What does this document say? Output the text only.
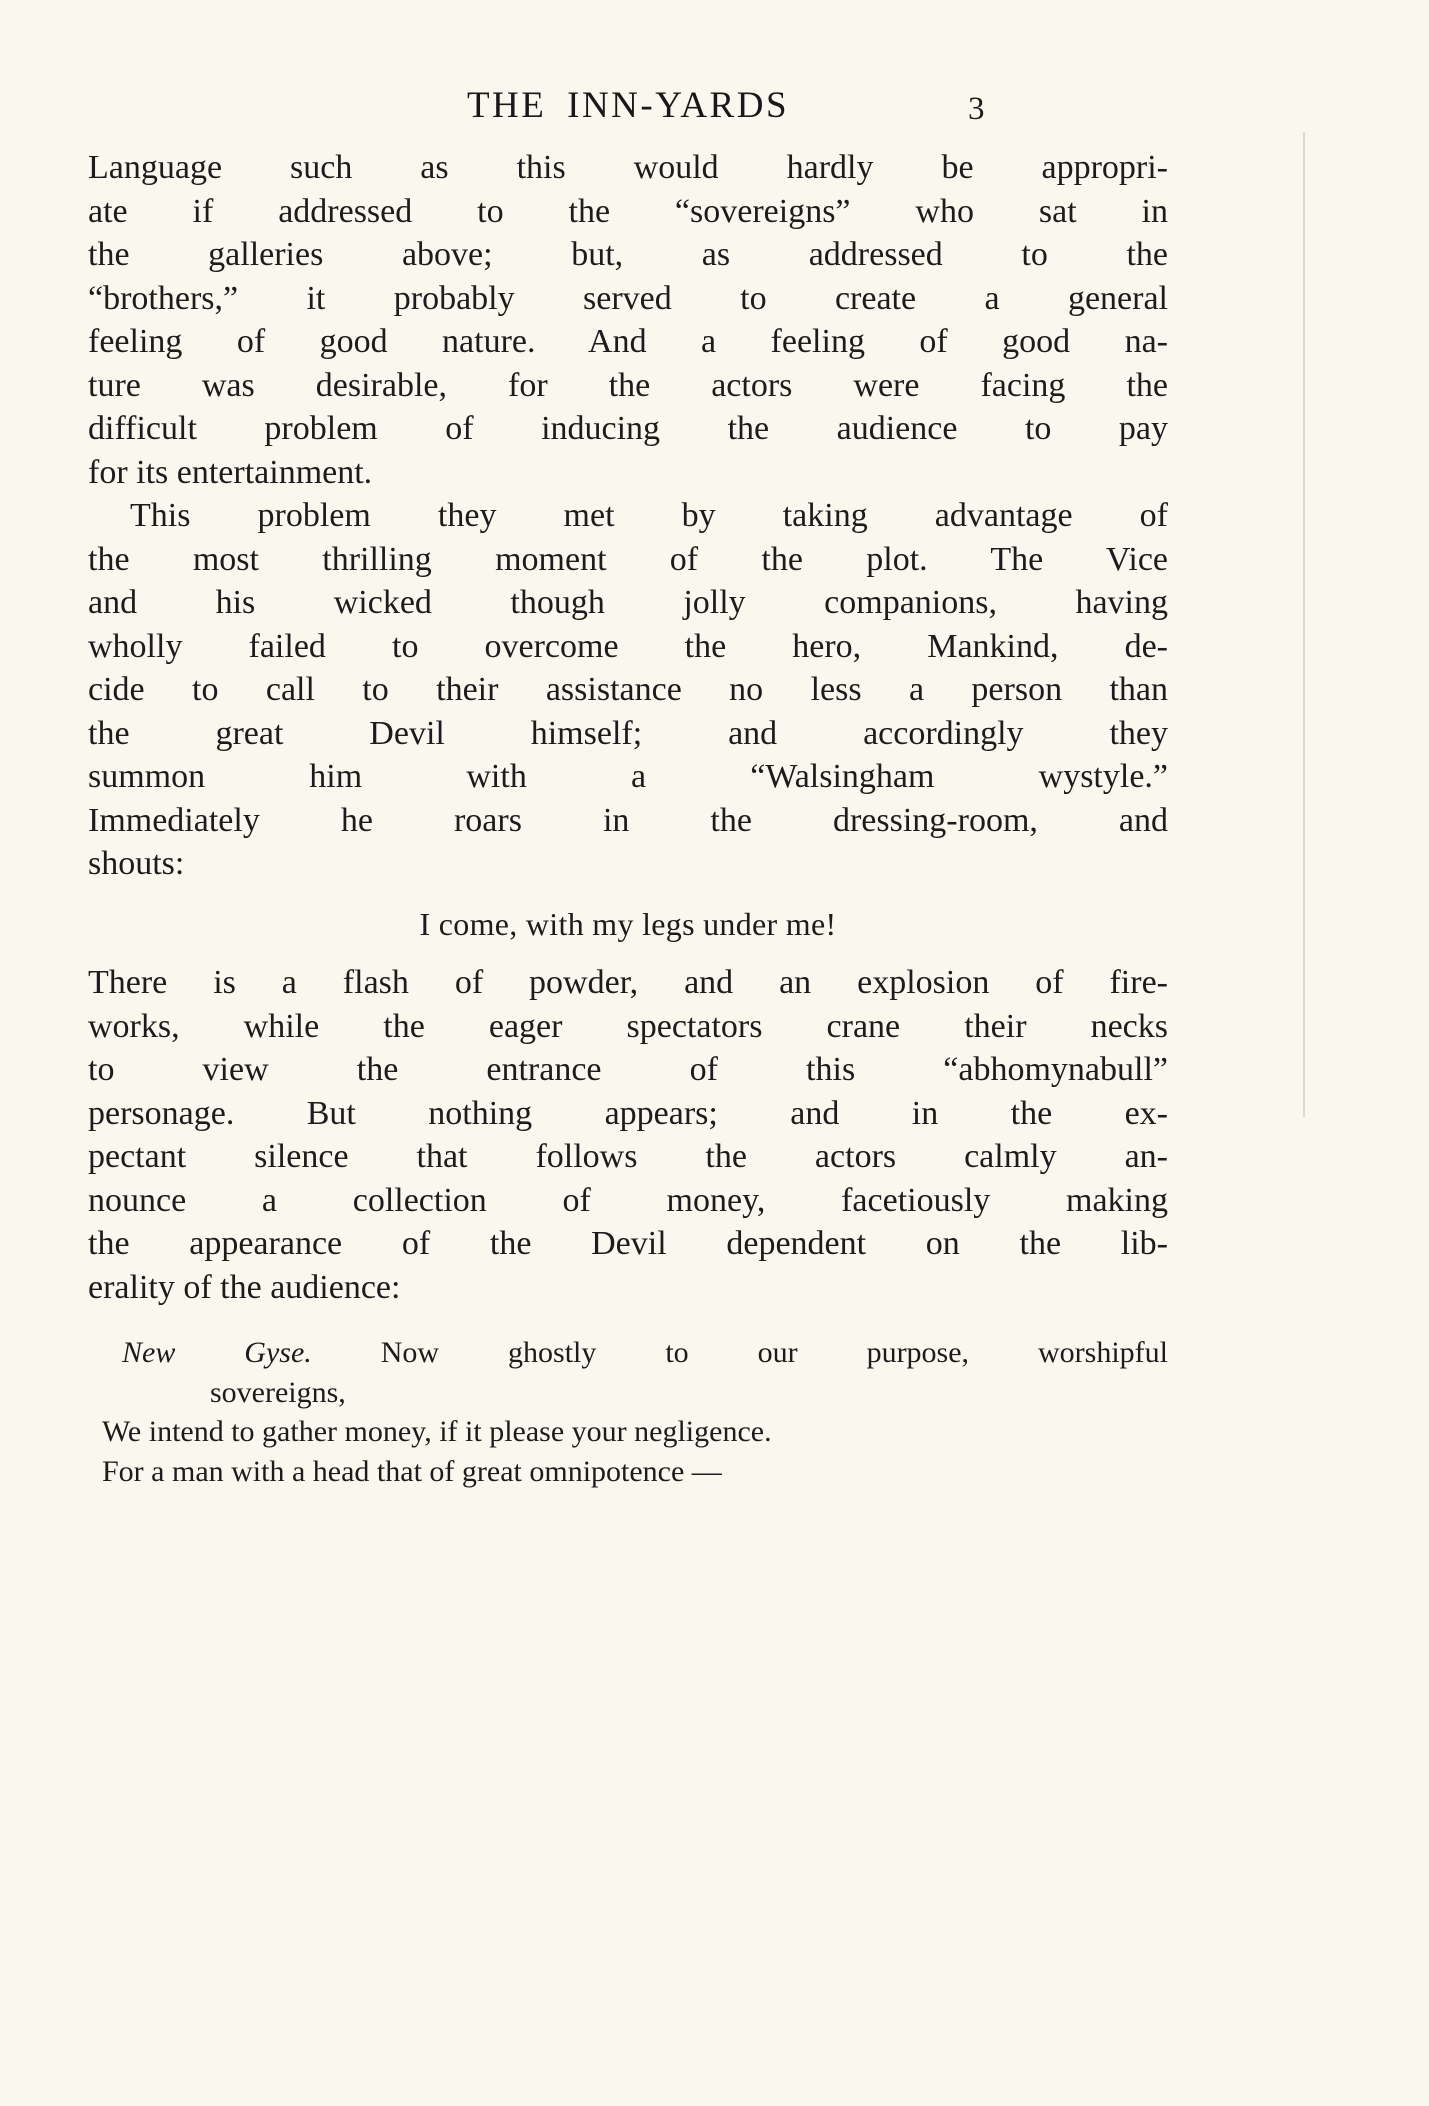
THE INN-YARDS	3
Language such as this would hardly be appropri-
ate if addressed to the “sovereigns” who sat in
the galleries above; but, as addressed to the
“brothers,” it probably served to create a general
feeling of good nature. And a feeling of good na-
ture was desirable, for the actors were facing the
difficult problem of inducing the audience to pay
for its entertainment.
This problem they met by taking advantage of
the most thrilling moment of the plot. The Vice
and his wicked though jolly companions, having
wholly failed to overcome the hero, Mankind, de-
cide to call to their assistance no less a person than
the great Devil himself; and accordingly they
summon him with a “Walsingham wystyle.”
Immediately he roars in the dressing-room, and
shouts:
I come, with my legs under me!
There is a flash of powder, and an explosion of fire-
works, while the eager spectators crane their necks
to view the entrance of this “abhomynabull”
personage. But nothing appears; and in the ex-
pectant silence that follows the actors calmly an-
nounce a collection of money, facetiously making
the appearance of the Devil dependent on the lib-
erality of the audience:
New Gyse. Now ghostly to our purpose, worshipful
sovereigns,
We intend to gather money, if it please your negligence.
For a man with a head that of great omnipotence —
